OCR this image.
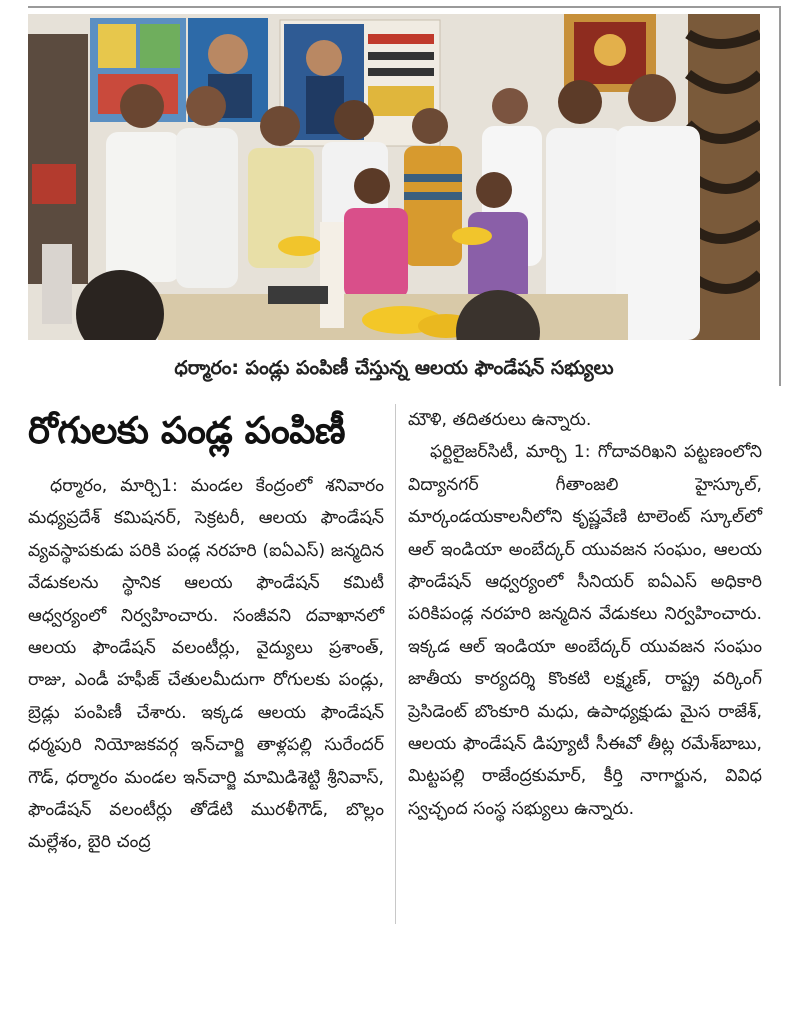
ధర్మారం: పండ్లు పంపిణీ చేస్తున్న ఆలయ ఫౌండేషన్ సభ్యులు
రోగులకు పండ్ల పంపిణీ

ధర్మారం, మార్చి1: మండల కేంద్రంలో శనివారం మధ్యప్రదేశ్ కమిషనర్, సెక్రటరీ, ఆలయ ఫౌండేషన్ వ్యవస్థాపకుడు పరికి పండ్ల నరహరి (ఐఏఎస్) జన్మదిన వేడుకలను స్థానిక ఆలయ ఫౌండేషన్ కమిటీ ఆధ్వర్యంలో నిర్వహించారు. సంజీవని దవాఖానలో ఆలయ ఫౌండేషన్ వలంటీర్లు, వైద్యులు ప్రశాంత్, రాజు, ఎండీ హఫీజ్ చేతులమీదుగా రోగులకు పండ్లు, బ్రెడ్లు పంపిణీ చేశారు. ఇక్కడ ఆలయ ఫౌండేషన్ ధర్మపురి నియోజకవర్గ ఇన్‌చార్జి తాళ్లపల్లి సురేందర్ గౌడ్, ధర్మారం మండల ఇన్‌చార్జి మామిడిశెట్టి శ్రీనివాస్, ఫౌండేషన్ వలంటీర్లు తోడేటి మురళీగౌడ్, బొల్లం మల్లేశం, బైరి చంద్ర

మౌళి, తదితరులు ఉన్నారు.

ఫర్టిలైజర్‌సిటీ, మార్చి 1: గోదావరిఖని పట్టణంలోని విద్యానగర్ గీతాంజలి హైస్కూల్, మార్కండయకాలనీలోని కృష్ణవేణి టాలెంట్ స్కూల్‌లో ఆల్ ఇండియా అంబేద్కర్ యువజన సంఘం, ఆలయ ఫౌండేషన్ ఆధ్వర్యంలో సీనియర్ ఐఏఎస్ అధికారి పరికిపండ్ల నరహరి జన్మదిన వేడుకలు నిర్వహించారు. ఇక్కడ ఆల్ ఇండియా అంబేద్కర్ యువజన సంఘం జాతీయ కార్యదర్శి కొంకటి లక్ష్మణ్, రాష్ట్ర వర్కింగ్ ప్రెసిడెంట్ బొంకూరి మధు, ఉపాధ్యక్షుడు మైస రాజేశ్, ఆలయ ఫౌండేషన్ డిప్యూటీ సీఈవో తీట్ల రమేశ్‌బాబు, మిట్టపల్లి రాజేంద్రకుమార్, కీర్తి నాగార్జున, వివిధ స్వచ్ఛంద సంస్థ సభ్యులు ఉన్నారు.
